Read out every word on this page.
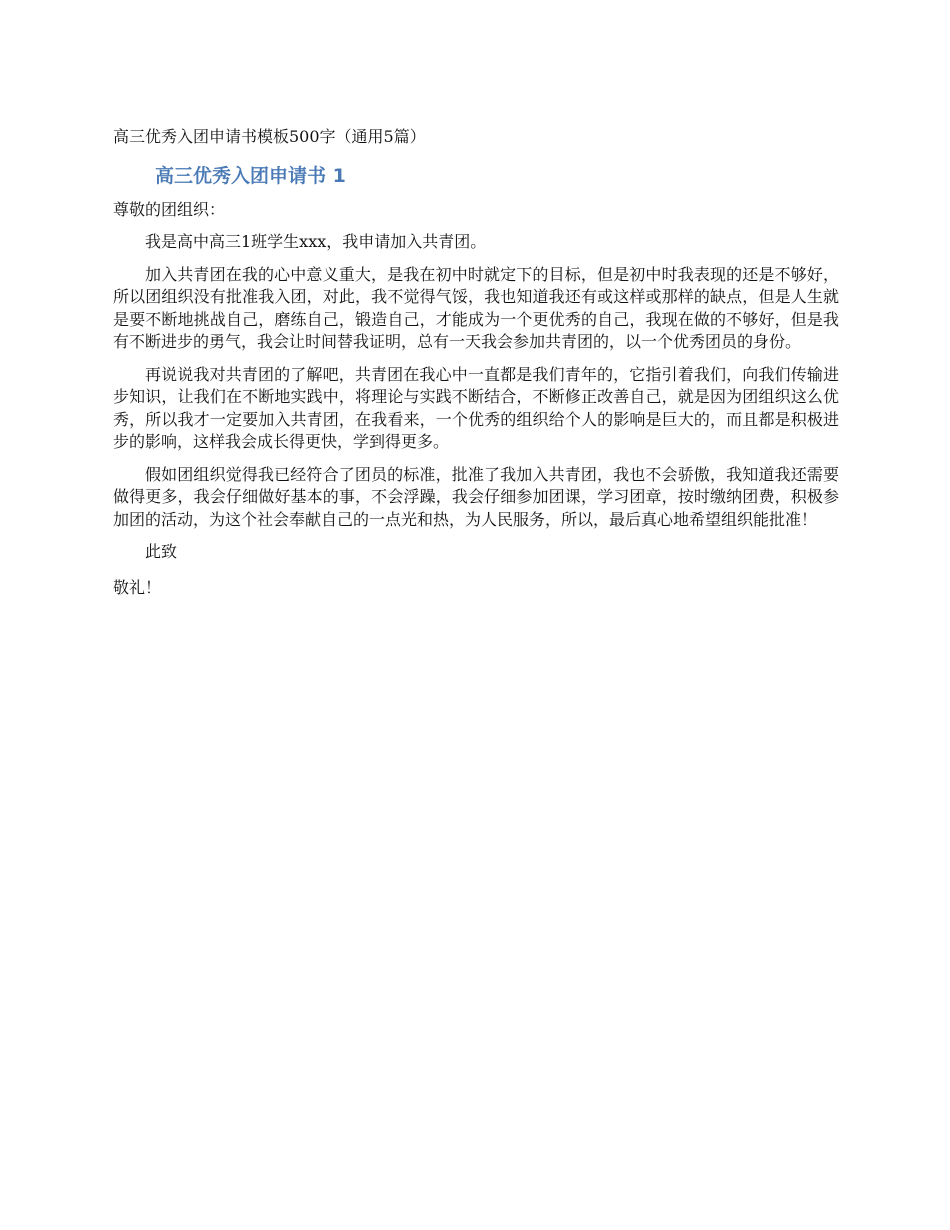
高三优秀入团申请书模板500字（通用5篇）
高三优秀入团申请书 1
尊敬的团组织：

我是高中高三1班学生xxx，我申请加入共青团。

加入共青团在我的心中意义重大，是我在初中时就定下的目标，但是初中时我表现的还是不够好，所以团组织没有批准我入团，对此，我不觉得气馁，我也知道我还有或这样或那样的缺点，但是人生就是要不断地挑战自己，磨练自己，锻造自己，才能成为一个更优秀的自己，我现在做的不够好，但是我有不断进步的勇气，我会让时间替我证明，总有一天我会参加共青团的，以一个优秀团员的身份。

再说说我对共青团的了解吧，共青团在我心中一直都是我们青年的，它指引着我们，向我们传输进步知识，让我们在不断地实践中，将理论与实践不断结合，不断修正改善自己，就是因为团组织这么优秀，所以我才一定要加入共青团，在我看来，一个优秀的组织给个人的影响是巨大的，而且都是积极进步的影响，这样我会成长得更快，学到得更多。

假如团组织觉得我已经符合了团员的标准，批准了我加入共青团，我也不会骄傲，我知道我还需要做得更多，我会仔细做好基本的事，不会浮躁，我会仔细参加团课，学习团章，按时缴纳团费，积极参加团的活动，为这个社会奉献自己的一点光和热，为人民服务，所以，最后真心地希望组织能批准！

此致
敬礼！
